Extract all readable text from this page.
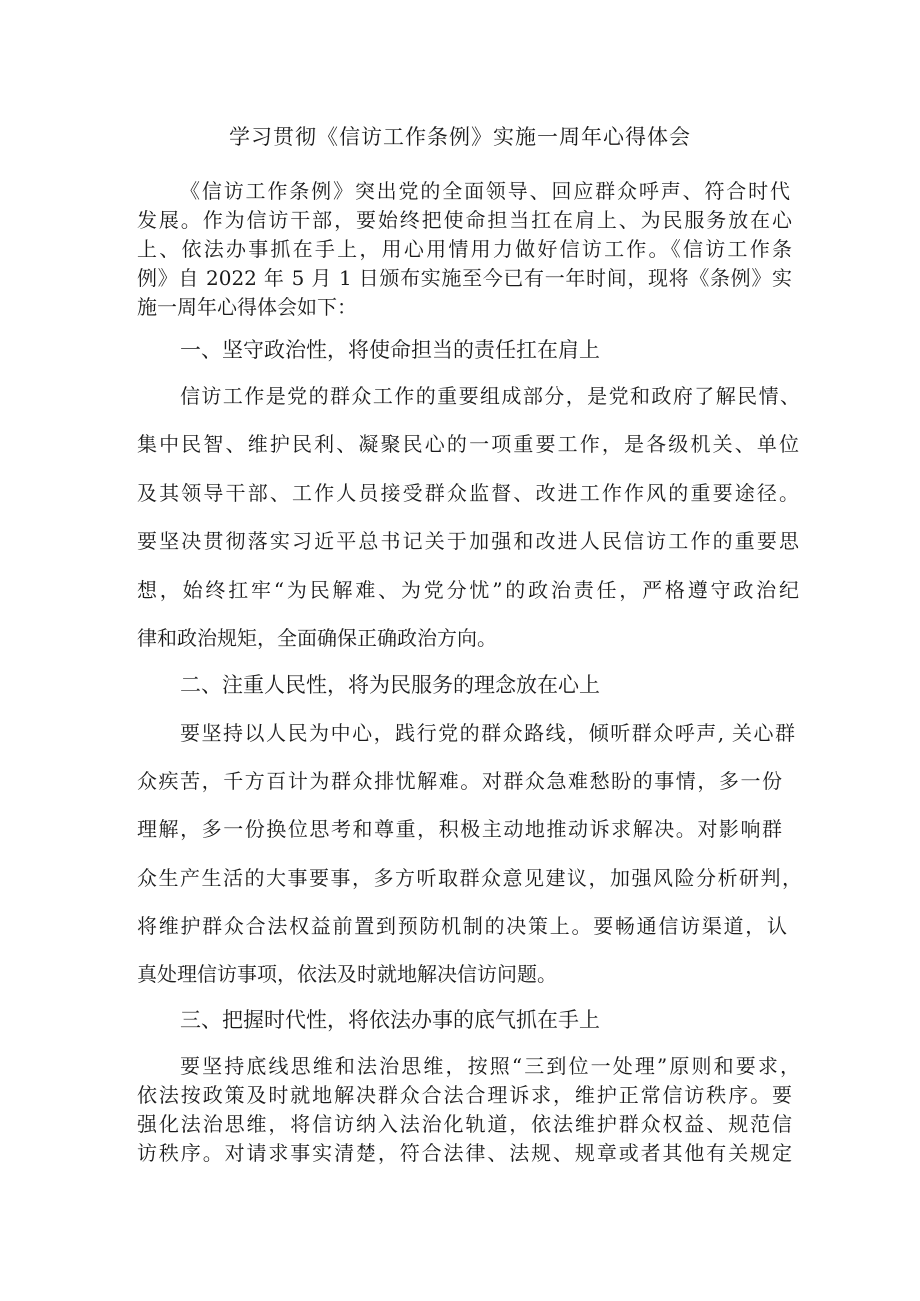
学习贯彻《信访工作条例》实施一周年心得体会
《信访工作条例》突出党的全面领导、回应群众呼声、符合时代
发展。作为信访干部，要始终把使命担当扛在肩上、为民服务放在心
上、依法办事抓在手上，用心用情用力做好信访工作。《信访工作条
例》自 2022 年 5 月 1 日颁布实施至今已有一年时间，现将《条例》实
施一周年心得体会如下：
一、坚守政治性，将使命担当的责任扛在肩上
信访工作是党的群众工作的重要组成部分，是党和政府了解民情、
集中民智、维护民利、凝聚民心的一项重要工作，是各级机关、单位
及其领导干部、工作人员接受群众监督、改进工作作风的重要途径。
要坚决贯彻落实习近平总书记关于加强和改进人民信访工作的重要思
想，始终扛牢“为民解难、为党分忧”的政治责任，严格遵守政治纪
律和政治规矩，全面确保正确政治方向。
二、注重人民性，将为民服务的理念放在心上
要坚持以人民为中心，践行党的群众路线，倾听群众呼声, 关心群
众疾苦，千方百计为群众排忧解难。对群众急难愁盼的事情，多一份
理解，多一份换位思考和尊重，积极主动地推动诉求解决。对影响群
众生产生活的大事要事，多方听取群众意见建议，加强风险分析研判，
将维护群众合法权益前置到预防机制的决策上。要畅通信访渠道，认
真处理信访事项，依法及时就地解决信访问题。
三、把握时代性，将依法办事的底气抓在手上
要坚持底线思维和法治思维，按照“三到位一处理”原则和要求，
依法按政策及时就地解决群众合法合理诉求，维护正常信访秩序。要
强化法治思维，将信访纳入法治化轨道，依法维护群众权益、规范信
访秩序。对请求事实清楚，符合法律、法规、规章或者其他有关规定
